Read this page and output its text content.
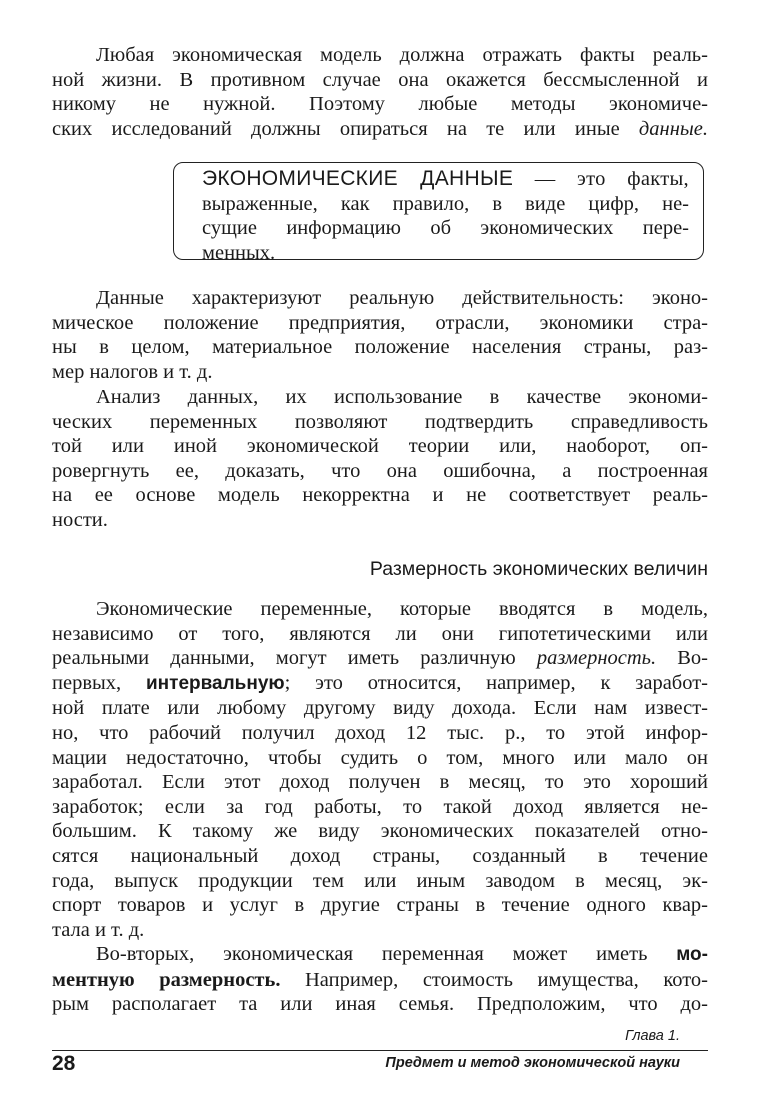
Любая экономическая модель должна отражать факты реаль-
ной жизни. В противном случае она окажется бессмысленной и
никому не нужной. Поэтому любые методы экономиче-
ских исследований должны опираться на те или иные данные.
ЭКОНОМИЧЕСКИЕ ДАННЫЕ — это факты,
выраженные, как правило, в виде цифр, не-
сущие информацию об экономических пере-
менных.
Данные характеризуют реальную действительность: эконо-
мическое положение предприятия, отрасли, экономики стра-
ны в целом, материальное положение населения страны, раз-
мер налогов и т. д.
Анализ данных, их использование в качестве экономи-
ческих переменных позволяют подтвердить справедливость
той или иной экономической теории или, наоборот, оп-
ровергнуть ее, доказать, что она ошибочна, а построенная
на ее основе модель некорректна и не соответствует реаль-
ности.
Размерность экономических величин
Экономические переменные, которые вводятся в модель,
независимо от того, являются ли они гипотетическими или
реальными данными, могут иметь различную размерность. Во-
первых, интервальную; это относится, например, к заработ-
ной плате или любому другому виду дохода. Если нам извест-
но, что рабочий получил доход 12 тыс. р., то этой инфор-
мации недостаточно, чтобы судить о том, много или мало он
заработал. Если этот доход получен в месяц, то это хороший
заработок; если за год работы, то такой доход является не-
большим. К такому же виду экономических показателей отно-
сятся национальный доход страны, созданный в течение
года, выпуск продукции тем или иным заводом в месяц, эк-
спорт товаров и услуг в другие страны в течение одного квар-
тала и т. д.
Во-вторых, экономическая переменная может иметь мо-
ментную размерность. Например, стоимость имущества, кото-
рым располагает та или иная семья. Предположим, что до-
Глава 1.
28	Предмет и метод экономической науки
